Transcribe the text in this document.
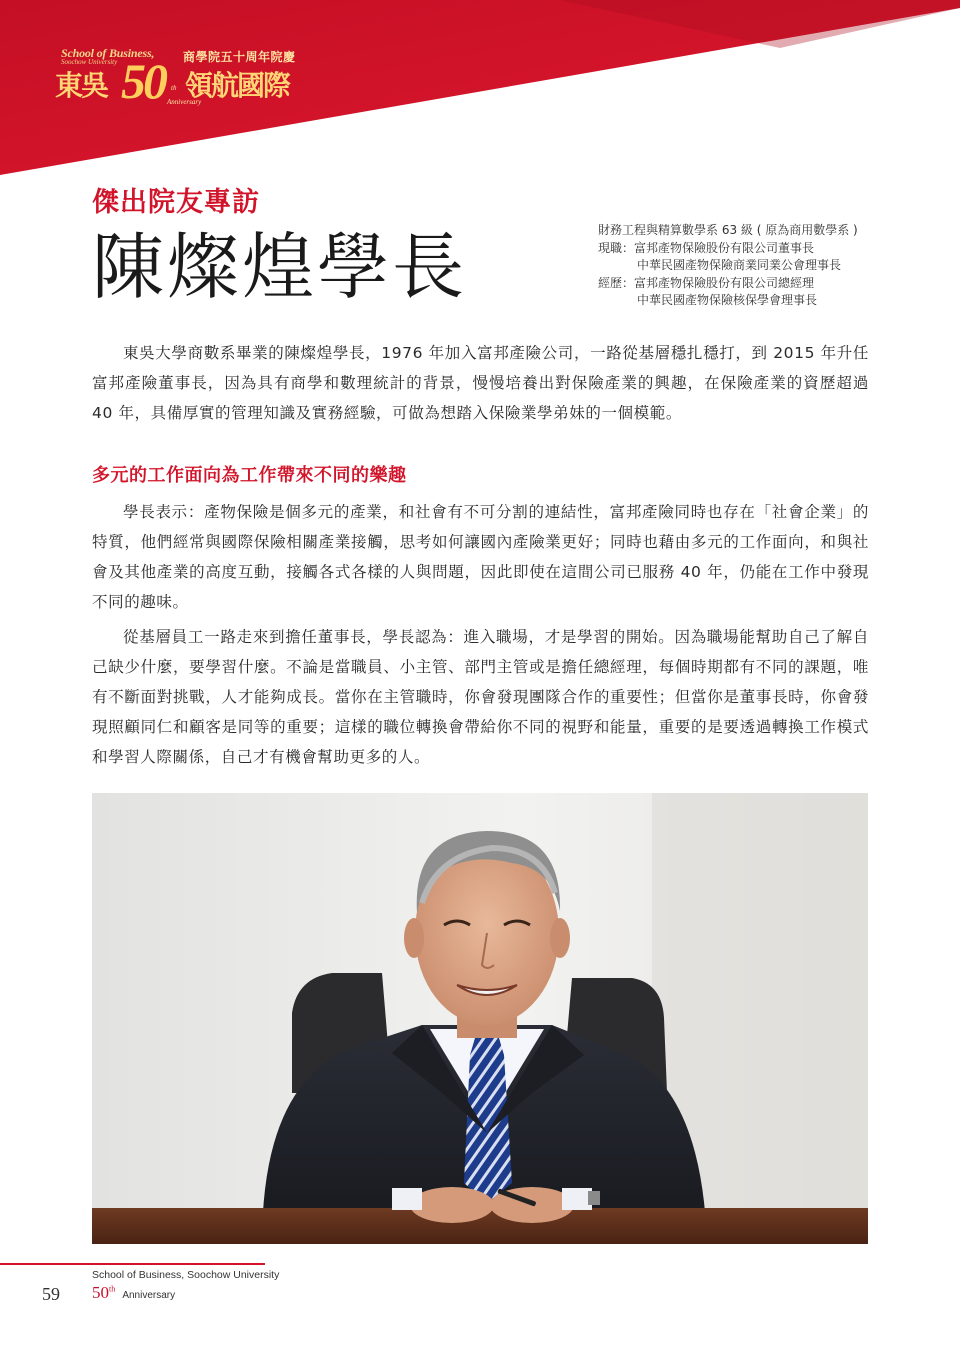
School of Business,
Soochow University	商學院五十周年院慶
東吳 50 th
Anniversary
領航國際
傑出院友專訪
陳燦煌學長	財務工程與精算數學系 63 級 ( 原為商用數學系 )
現職：富邦產物保險股份有限公司董事長
中華民國產物保險商業同業公會理事長
經歷：富邦產物保險股份有限公司總經理
中華民國產物保險核保學會理事長

東吳大學商數系畢業的陳燦煌學長，1976 年加入富邦產險公司，一路從基層穩扎穩打，到 2015 年升任富邦產險董事長，因為具有商學和數理統計的背景，慢慢培養出對保險產業的興趣，在保險產業的資歷超過 40 年，具備厚實的管理知識及實務經驗，可做為想踏入保險業學弟妹的一個模範。

多元的工作面向為工作帶來不同的樂趣

學長表示：產物保險是個多元的產業，和社會有不可分割的連結性，富邦產險同時也存在「社會企業」的特質，他們經常與國際保險相關產業接觸，思考如何讓國內產險業更好；同時也藉由多元的工作面向，和與社會及其他產業的高度互動，接觸各式各樣的人與問題，因此即使在這間公司已服務 40 年，仍能在工作中發現不同的趣味。

從基層員工一路走來到擔任董事長，學長認為：進入職場，才是學習的開始。因為職場能幫助自己了解自己缺少什麼，要學習什麼。不論是當職員、小主管、部門主管或是擔任總經理，每個時期都有不同的課題，唯有不斷面對挑戰，人才能夠成長。當你在主管職時，你會發現團隊合作的重要性；但當你是董事長時，你會發現照顧同仁和顧客是同等的重要；這樣的職位轉換會帶給你不同的視野和能量，重要的是要透過轉換工作模式和學習人際關係，自己才有機會幫助更多的人。

59
School of Business, Soochow University
50th Anniversary
